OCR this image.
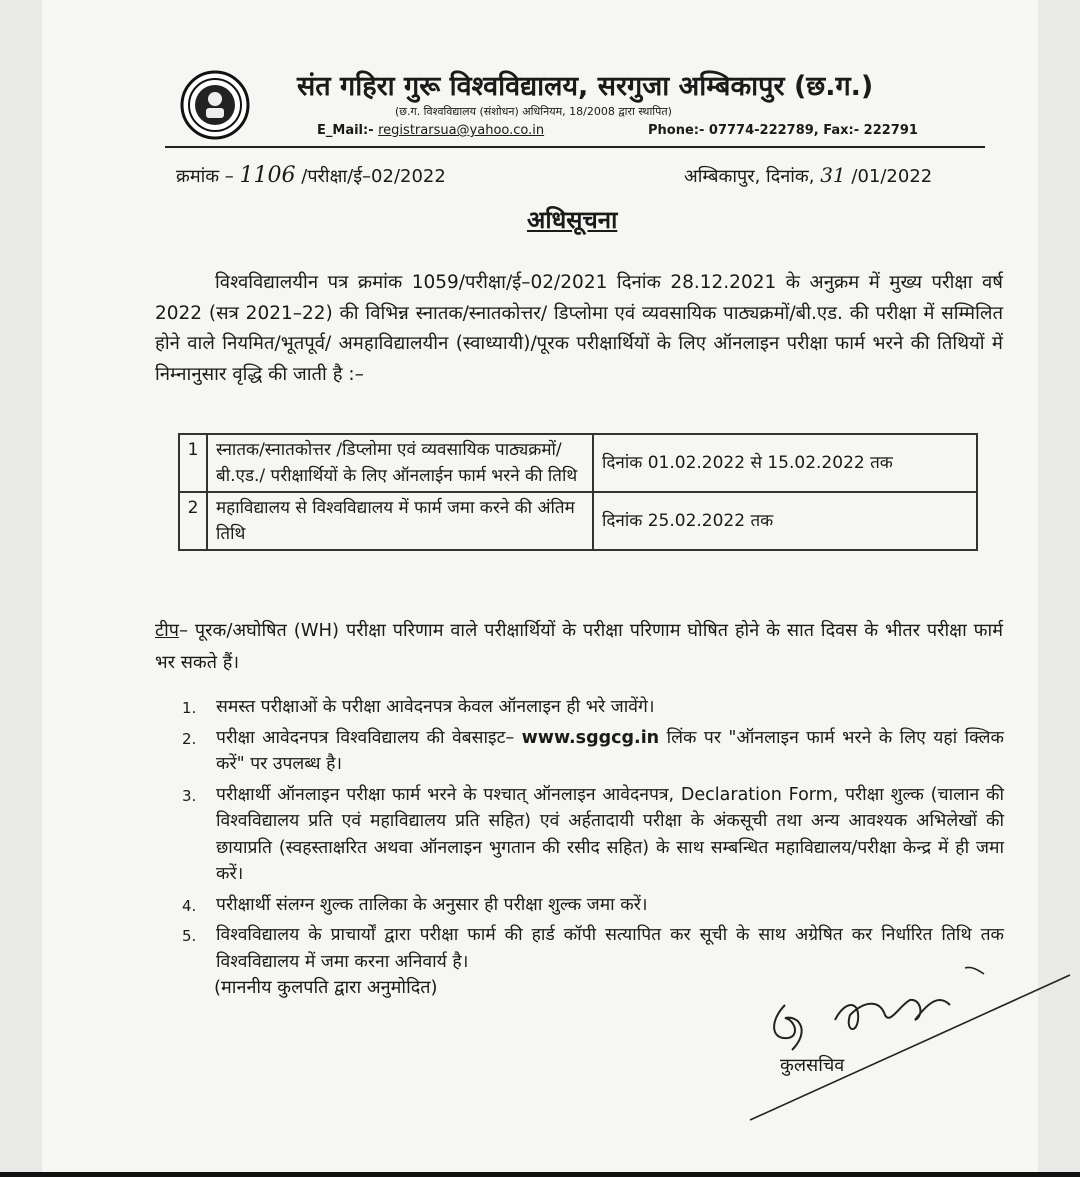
संत गहिरा गुरू विश्वविद्यालय, सरगुजा अम्बिकापुर (छ.ग.)
(छ.ग. विश्वविद्यालय (संशोधन) अधिनियम, 18/2008 द्वारा स्थापित)
E_Mail:- registrarsua@yahoo.co.in	Phone:- 07774-222789, Fax:- 222791
क्रमांक – 1106 /परीक्षा/ई–02/2022	अम्बिकापुर, दिनांक, 31 /01/2022
अधिसूचना
विश्वविद्यालयीन पत्र क्रमांक 1059/परीक्षा/ई–02/2021 दिनांक 28.12.2021 के अनुक्रम में मुख्य परीक्षा वर्ष 2022 (सत्र 2021–22) की विभिन्न स्नातक/स्नातकोत्तर/ डिप्लोमा एवं व्यवसायिक पाठ्यक्रमों/बी.एड. की परीक्षा में सम्मिलित होने वाले नियमित/भूतपूर्व/ अमहाविद्यालयीन (स्वाध्यायी)/पूरक परीक्षार्थियों के लिए ऑनलाइन परीक्षा फार्म भरने की तिथियों में निम्नानुसार वृद्धि की जाती है :–
1	स्नातक/स्नातकोत्तर /डिप्लोमा एवं व्यवसायिक पाठ्यक्रमों/बी.एड./ परीक्षार्थियों के लिए ऑनलाईन फार्म भरने की तिथि	दिनांक 01.02.2022 से 15.02.2022 तक
2	महाविद्यालय से विश्वविद्यालय में फार्म जमा करने की अंतिम तिथि	दिनांक 25.02.2022 तक
टीप– पूरक/अघोषित (WH) परीक्षा परिणाम वाले परीक्षार्थियों के परीक्षा परिणाम घोषित होने के सात दिवस के भीतर परीक्षा फार्म भर सकते हैं।
1. समस्त परीक्षाओं के परीक्षा आवेदनपत्र केवल ऑनलाइन ही भरे जावेंगे।
2. परीक्षा आवेदनपत्र विश्वविद्यालय की वेबसाइट– www.sggcg.in लिंक पर "ऑनलाइन फार्म भरने के लिए यहां क्लिक करें" पर उपलब्ध है।
3. परीक्षार्थी ऑनलाइन परीक्षा फार्म भरने के पश्चात् ऑनलाइन आवेदनपत्र, Declaration Form, परीक्षा शुल्क (चालान की विश्वविद्यालय प्रति एवं महाविद्यालय प्रति सहित) एवं अर्हतादायी परीक्षा के अंकसूची तथा अन्य आवश्यक अभिलेखों की छायाप्रति (स्वहस्ताक्षरित अथवा ऑनलाइन भुगतान की रसीद सहित) के साथ सम्बन्धित महाविद्यालय/परीक्षा केन्द्र में ही जमा करें।
4. परीक्षार्थी संलग्न शुल्क तालिका के अनुसार ही परीक्षा शुल्क जमा करें।
5. विश्वविद्यालय के प्राचार्यों द्वारा परीक्षा फार्म की हार्ड कॉपी सत्यापित कर सूची के साथ अग्रेषित कर निर्धारित तिथि तक विश्वविद्यालय में जमा करना अनिवार्य है।
(माननीय कुलपति द्वारा अनुमोदित)
कुलसचिव
